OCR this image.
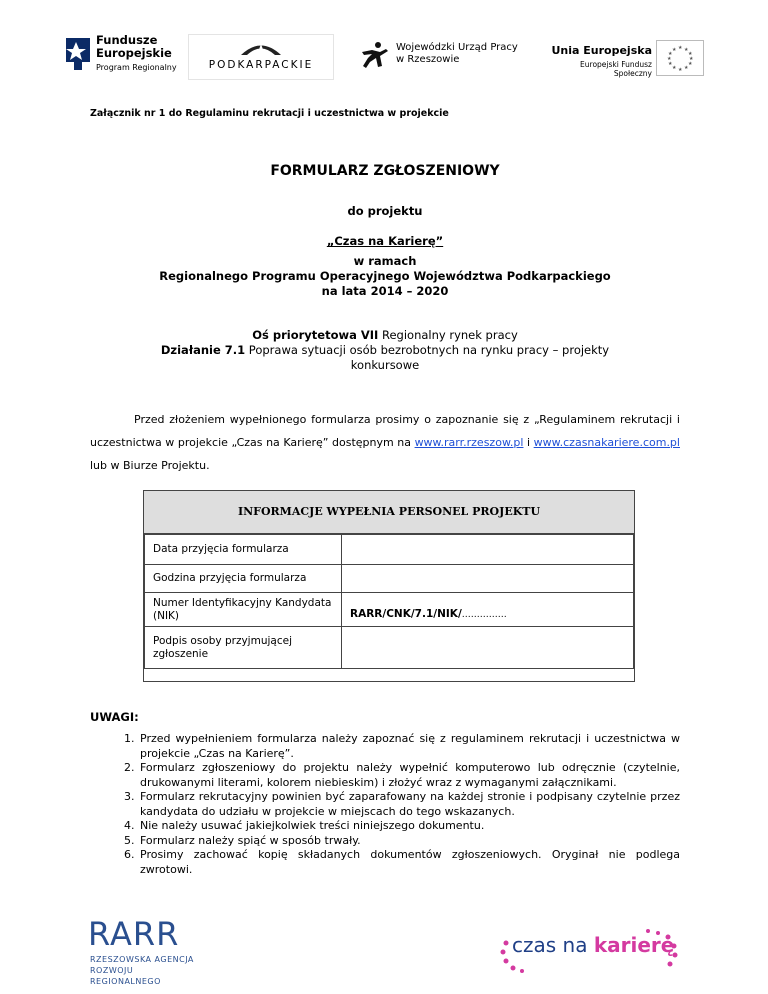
Fundusze
Europejskie
Program Regionalny	PODKARPACKIE
Wojewódzki Urząd Pracy
w Rzeszowie
Unia Europejska
Europejski Fundusz Społeczny
★ ★
★
★
★
★
★
★
★
★
★
★
Załącznik nr 1 do Regulaminu rekrutacji i uczestnictwa w projekcie
FORMULARZ ZGŁOSZENIOWY
do projektu
„Czas na Karierę”
w ramach
Regionalnego Programu Operacyjnego Województwa Podkarpackiego
na lata 2014 – 2020
Oś priorytetowa VII Regionalny rynek pracy
Działanie 7.1 Poprawa sytuacji osób bezrobotnych na rynku pracy – projekty
konkursowe
Przed złożeniem wypełnionego formularza prosimy o zapoznanie się z „Regulaminem rekrutacji i uczestnictwa w projekcie „Czas na Karierę” dostępnym na www.rarr.rzeszow.pl i www.czasnakariere.com.pl lub w Biurze Projektu.
INFORMACJE WYPEŁNIA PERSONEL PROJEKTU
Data przyjęcia formularza	
Godzina przyjęcia formularza	
Numer Identyfikacyjny Kandydata (NIK)	RARR/CNK/7.1/NIK/……………
Podpis osoby przyjmującej zgłoszenie	
UWAGI:
1. Przed wypełnieniem formularza należy zapoznać się z regulaminem rekrutacji i uczestnictwa w projekcie „Czas na Karierę”.
2. Formularz zgłoszeniowy do projektu należy wypełnić komputerowo lub odręcznie (czytelnie, drukowanymi literami, kolorem niebieskim) i złożyć wraz z wymaganymi załącznikami.
3. Formularz rekrutacyjny powinien być zaparafowany na każdej stronie i podpisany czytelnie przez kandydata do udziału w projekcie w miejscach do tego wskazanych.
4. Nie należy usuwać jakiejkolwiek treści niniejszego dokumentu.
5. Formularz należy spiąć w sposób trwały.
6. Prosimy zachować kopię składanych dokumentów zgłoszeniowych. Oryginał nie podlega zwrotowi.
RARR
RZESZOWSKA AGENCJA
ROZWOJU REGIONALNEGO
czas na karierę
